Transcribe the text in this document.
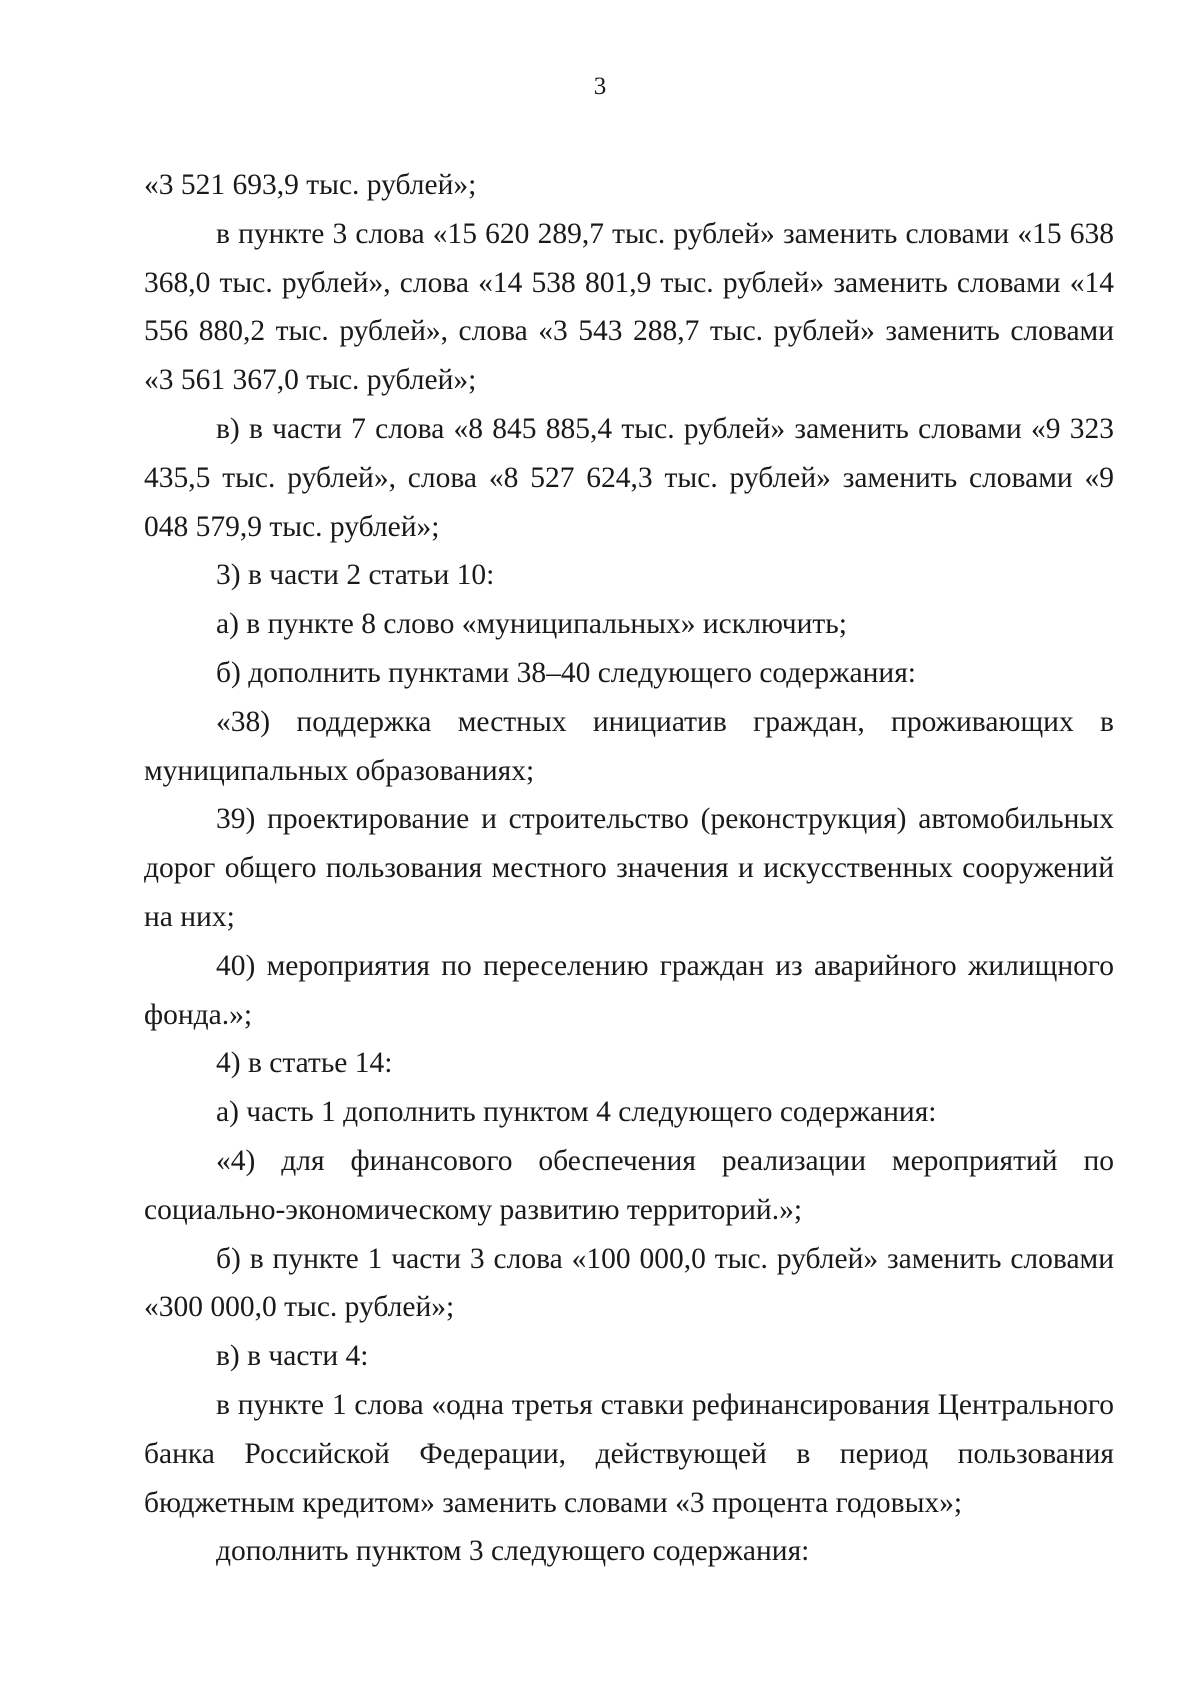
3

«3 521 693,9 тыс. рублей»;

в пункте 3 слова «15 620 289,7 тыс. рублей» заменить словами «15 638 368,0 тыс. рублей», слова «14 538 801,9 тыс. рублей» заменить словами «14 556 880,2 тыс. рублей», слова «3 543 288,7 тыс. рублей» заменить словами «3 561 367,0 тыс. рублей»;

в) в части 7 слова «8 845 885,4 тыс. рублей» заменить словами «9 323 435,5 тыс. рублей», слова «8 527 624,3 тыс. рублей» заменить словами «9 048 579,9 тыс. рублей»;

3) в части 2 статьи 10:

а) в пункте 8 слово «муниципальных» исключить;

б) дополнить пунктами 38–40 следующего содержания:

«38) поддержка местных инициатив граждан, проживающих в муниципальных образованиях;

39) проектирование и строительство (реконструкция) автомобильных дорог общего пользования местного значения и искусственных сооружений на них;

40) мероприятия по переселению граждан из аварийного жилищного фонда.»;

4) в статье 14:

а) часть 1 дополнить пунктом 4 следующего содержания:

«4) для финансового обеспечения реализации мероприятий по социально-экономическому развитию территорий.»;

б) в пункте 1 части 3 слова «100 000,0 тыс. рублей» заменить словами «300 000,0 тыс. рублей»;

в) в части 4:

в пункте 1 слова «одна третья ставки рефинансирования Центрального банка Российской Федерации, действующей в период пользования бюджетным кредитом» заменить словами «3 процента годовых»;

дополнить пунктом 3 следующего содержания:
